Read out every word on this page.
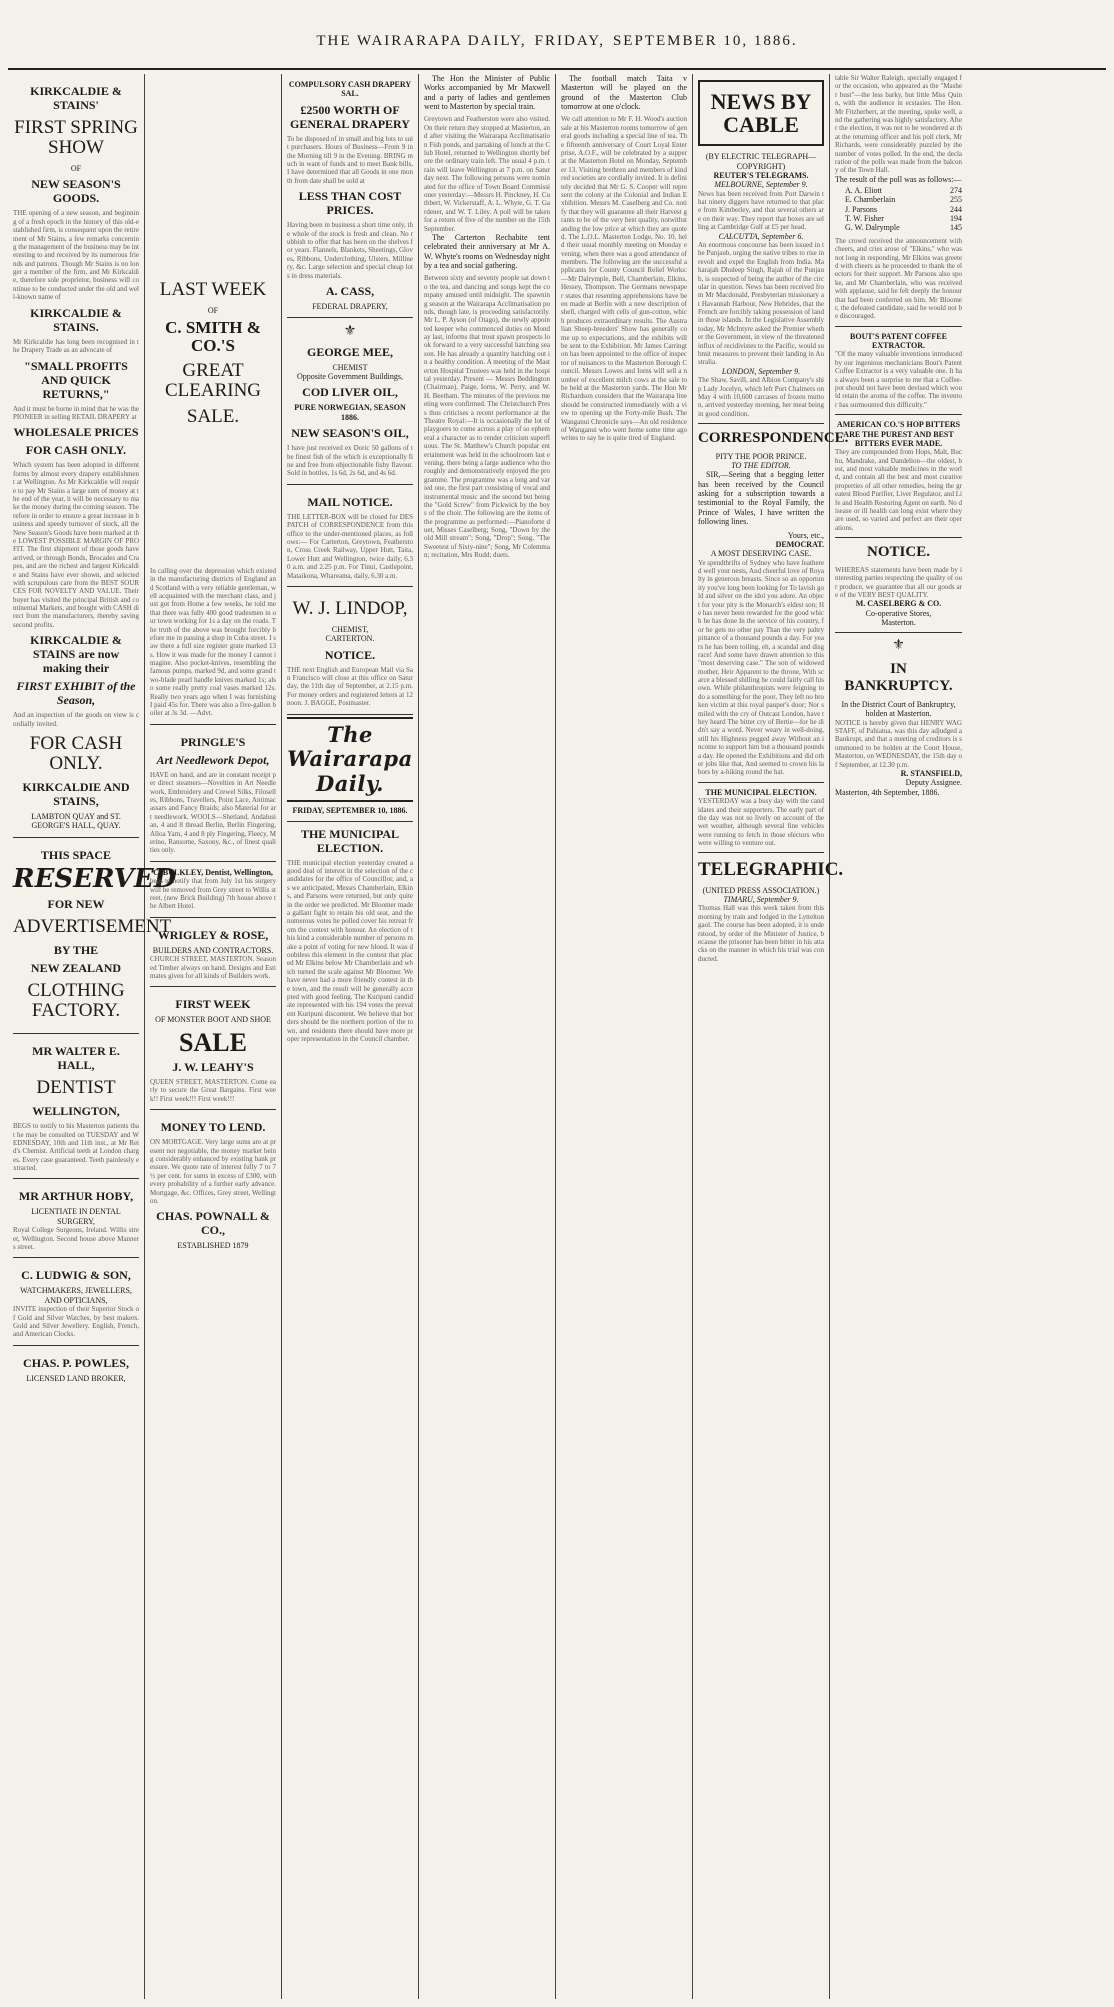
THE WAIRARAPA DAILY, FRIDAY, SEPTEMBER 10, 1886.
KIRKCALDIE & STAINS'
FIRST SPRING SHOW
OF
NEW SEASON'S GOODS.
THE opening of a new season, and beginning of a fresh epoch in the history of this old-established firm, is consequent upon the retirement of Mr Stains, a few remarks concerning the management of the business may be interesting to and received by its numerous friends and patrons. Though Mr Stains is no longer a member of the firm, and Mr Kirkcaldie, therefore sole proprietor, business will continue to be conducted under the old and well-known name of
KIRKCALDIE & STAINS.
Mr Kirkcaldie has long been recognised in the Drapery Trade as an advocate of
"SMALL PROFITS AND QUICK RETURNS,"
And it must be borne in mind that he was the PIONEER in selling RETAIL DRAPERY at
WHOLESALE PRICES
FOR CASH ONLY.
Which system has been adopted in different forms by almost every drapery establishment at Wellington. As Mr Kirkcaldie will require to pay Mr Stains a large sum of money at the end of the year, it will be necessary to make the money during the coming season. Therefore in order to ensure a great increase in business and speedy turnover of stock, all the New Season's Goods have been marked at the LOWEST POSSIBLE MARGIN OF PROFIT. The first shipment of those goods have arrived, or through Bonds, Brocades and Crapes, and are the richest and largest Kirkcaldie and Stains have ever shown, and selected with scrupulous care from the BEST SOURCES FOR NOVELTY AND VALUE. Their buyer has visited the principal British and continental Markets, and bought with CASH direct from the manufacturers, thereby saving second profits.
KIRKCALDIE & STAINS are now making their
FIRST EXHIBIT of the Season,
And an inspection of the goods on view is cordially invited.
FOR CASH ONLY.
KIRKCALDIE AND STAINS,
LAMBTON QUAY and ST. GEORGE'S HALL, QUAY.
THIS SPACE
RESERVED
FOR NEW
ADVERTISEMENT
BY THE
NEW ZEALAND
CLOTHING FACTORY.
MR WALTER E. HALL,
DENTIST
WELLINGTON,
BEGS to notify to his Masterton patients that he may be consulted on TUESDAY and WEDNESDAY, 10th and 11th inst., at Mr Reid's Chemist. Artificial teeth at London charges. Every case guaranteed. Teeth painlessly extracted.
MR ARTHUR HOBY,
LICENTIATE IN DENTAL SURGERY,
Royal College Surgeons, Ireland. Willis street, Wellington. Second house above Manners street.
C. LUDWIG & SON,
WATCHMAKERS, JEWELLERS, AND OPTICIANS,
INVITE inspection of their Superior Stock of Gold and Silver Watches, by best makers. Gold and Silver Jewellery. English, French, and American Clocks.
CHAS. P. POWLES,
LICENSED LAND BROKER,
LAST WEEK
OF
C. SMITH & CO.'S
GREAT CLEARING
SALE.
In calling over the depression which existed in the manufacturing districts of England and Scotland with a very reliable gentleman, well acquainted with the merchant class, and just got from Home a few weeks, he told me that there was fully 400 good tradesmen in our town working for 1s a day on the roads. The truth of the above was brought forcibly before me in passing a shop in Cuba street. I saw there a full size register grate marked 13s. How it was made for the money I cannot imagine. Also pocket-knives, resembling the famous pumps, marked 9d, and some grand two-blade pearl handle knives marked 1s; also some really pretty coal vases marked 12s. Really two years ago when I was furnishing I paid 45s for. There was also a five-gallon boiler at 3s 3d. —Advt.
PRINGLE'S
Art Needlework Depot,
HAVE on hand, and are in constant receipt per direct steamers—Novelties in Art Needlework, Embroidery and Crewel Silks, Filoselles, Ribbons, Travellers, Point Lace, Antimacassars and Fancy Braids; also Material for art needlework. WOOLS—Shetland, Andalusian, 4 and 8 thread Berlin, Berlin Fingering, Alloa Yarn, 4 and 8 ply Fingering, Fleecy, Merino, Ransome, Saxony, &c., of finest qualities only.
C. BULKLEY, Dentist, Wellington,
begs to notify that from July 1st his surgery will be removed from Grey street to Willis street, (new Brick Building) 7th house above the Albert Hotel.
WRIGLEY & ROSE,
BUILDERS AND CONTRACTORS.
CHURCH STREET, MASTERTON. Seasoned Timber always on hand. Designs and Estimates given for all kinds of Builders work.
FIRST WEEK
OF MONSTER BOOT AND SHOE
SALE
J. W. LEAHY'S
QUEEN STREET, MASTERTON. Come early to secure the Great Bargains. First week!! First week!!! First week!!!
MONEY TO LEND.
ON MORTGAGE. Very large sums are at present not negotiable, the money market being considerably enhanced by existing bank pressure. We quote rate of interest fully 7 to 7½ per cent. for sums in excess of £300, with every probability of a further early advance. Mortgage, &c. Offices, Grey street, Wellington.
CHAS. POWNALL & CO.,
ESTABLISHED 1879
COMPULSORY CASH DRAPERY SAL.
£2500 WORTH OF GENERAL DRAPERY
To be disposed of in small and big lots to suit purchasers. Hours of Business—From 9 in the Morning till 9 in the Evening. BRING much in want of funds and to meet Bank bills, I have determined that all Goods in one month from date shall be sold at
LESS THAN COST PRICES.
Having been in business a short time only, the whole of the stock is fresh and clean. No rubbish to offer that has been on the shelves for years. Flannels, Blankets, Sheetings, Gloves, Ribbons, Underclothing, Ulsters, Millinery, &c. Large selection and special cheap lots in dress materials.
A. CASS,
FEDERAL DRAPERY,
⚜
GEORGE MEE,
CHEMIST
Opposite Government Buildings,
COD LIVER OIL,
PURE NORWEGIAN, SEASON 1886.
NEW SEASON'S OIL,
I have just received ex Doric 50 gallons of the finest fish of the which is exceptionally fine and free from objectionable fishy flavour. Sold in bottles, 1s 6d, 2s 6d, and 4s 6d.
MAIL NOTICE.
THE LETTER-BOX will be closed for DESPATCH of CORRESPONDENCE from this office to the under-mentioned places, as follows:— For Carterton, Greytown, Featherston, Cross Creek Railway, Upper Hutt, Taita, Lower Hutt and Wellington, twice daily, 6.30 a.m. and 2.25 p.m. For Tinui, Castlepoint, Mataikona, Whareama, daily, 6.30 a.m.
W. J. LINDOP,
CHEMIST,
CARTERTON.
NOTICE.
THE next English and European Mail via San Francisco will close at this office on Saturday, the 11th day of September, at 2.15 p.m. For money orders and registered letters at 12 noon. J. BAGGE, Postmaster.
The Wairarapa Daily.
FRIDAY, SEPTEMBER 10, 1886.
THE MUNICIPAL ELECTION.
THE municipal election yesterday created a good deal of interest in the selection of the candidates for the office of Councillor, and, as we anticipated, Messrs Chamberlain, Elkins, and Parsons were returned, but only quite in the order we predicted. Mr Bloomer made a gallant fight to retain his old seat, and the numerous votes he polled cover his retreat from the contest with honour. An election of this kind a considerable number of persons make a point of voting for new blood. It was doubtless this element in the contest that placed Mr Elkins below Mr Chamberlain and which turned the scale against Mr Bloomer. We have never had a more friendly contest in the town, and the result will be generally accepted with good feeling. The Kuripuni candidate represented with his 194 votes the prevalent Kuripuni discontent. We believe that borders should be the northern portion of the town, and residents there should have more proper representation in the Council chamber.

The Hon the Minister of Public Works accompanied by Mr Maxwell and a party of ladies and gentlemen went to Masterton by special train.

Greytown and Featherston were also visited. On their return they stopped at Masterton, and after visiting the Wairarapa Acclimatisation Fish ponds, and partaking of lunch at the Club Hotel, returned to Wellington shortly before the ordinary train left. The usual 4 p.m. train will leave Wellington at 7 p.m. on Saturday next. The following persons were nominated for the office of Town Board Commissioner yesterday:—Messrs H. Pinckney, H. Cuthbert, W. Vickerstaff, A. L. Whyte, G. T. Gardener, and W. T. Liley. A poll will be taken for a return of five of the number on the 15th September.

The Carterton Rechabite tent celebrated their anniversary at Mr A. W. Whyte's rooms on Wednesday night by a tea and social gathering.

Between sixty and seventy people sat down to the tea, and dancing and songs kept the company amused until midnight. The spawning season at the Wairarapa Acclimatisation ponds, though late, is proceeding satisfactorily. Mr L. P. Ayson (of Otago), the newly appointed keeper who commenced duties on Monday last, informs that trout spawn prospects look forward to a very successful hatching season. He has already a quantity hatching out in a healthy condition. A meeting of the Masterton Hospital Trustees was held in the hospital yesterday. Present — Messrs Beddington (Chairman), Paige, Iorns, W. Perry, and W. H. Beetham. The minutes of the previous meeting were confirmed. The Christchurch Press thus criticises a recent performance at the Theatre Royal:—It is occasionally the lot of playgoers to come across a play of so ephemeral a character as to render criticism superfluous. The St. Matthew's Church popular entertainment was held in the schoolroom last evening, there being a large audience who thoroughly and demonstratively enjoyed the programme. The programme was a long and varied one, the first part consisting of vocal and instrumental music and the second but being the "Gold Screw" from Pickwick by the boys of the choir. The following are the items of the programme as performed:—Pianoforte duet, Misses Caselberg; Song, "Down by the old Mill stream"; Song, "Drop"; Song, "The Sweetest of Sixty-nine"; Song, Mr Colemman; recitation, Mrs Rudd; duets.

The football match Taita v Masterton will be played on the ground of the Masterton Club tomorrow at one o'clock.

We call attention to Mr F. H. Wood's auction sale at his Masterton rooms tomorrow of general goods including a special line of tea. The fifteenth anniversary of Court Loyal Enterprise, A.O.F., will be celebrated by a supper at the Masterton Hotel on Monday, September 13. Visiting brethren and members of kindred societies are cordially invited. It is definitely decided that Mr G. S. Cooper will represent the colony at the Colonial and Indian Exhibition. Messrs M. Caselberg and Co. notify that they will guarantee all their Harvest grants to be of the very best quality, notwithstanding the low price at which they are quoted. The L.O.L. Masterton Lodge, No. 10, held their usual monthly meeting on Monday evening, when there was a good attendance of members. The following are the successful applicants for County Council Relief Works:—Mr Dalrymple, Bell, Chamberlain, Elkins, Hessey, Thompson. The Germans newspaper states that resenting apprehensions have been made at Berlin with a new description of shell, charged with cells of gun-cotton, which produces extraordinary results. The Australian Sheep-breeders' Show has generally come up to expectations, and the exhibits will be sent to the Exhibition. Mr James Carrington has been appointed to the office of inspector of nuisances to the Masterton Borough Council. Messrs Lowes and Iorns will sell a number of excellent milch cows at the sale to be held at the Masterton yards. The Hon Mr Richardson considers that the Wairarapa line should be constructed immediately with a view to opening up the Forty-mile Bush. The Wanganui Chronicle says—An old residence of Wanganui who went home some time ago writes to say he is quite tired of England.
NEWS BY CABLE
(BY ELECTRIC TELEGRAPH—COPYRIGHT)
REUTER'S TELEGRAMS.
MELBOURNE, September 9.
News has been received from Port Darwin that ninety diggers have returned to that place from Kimberley, and that several others are on their way. They report that boxes are selling at Cambridge Gulf at £5 per head.
CALCUTTA, September 6.
An enormous concourse has been issued in the Punjaub, urging the native tribes to rise in revolt and expel the English from India. Maharajah Dhuleep Singh, Rajah of the Punjaub, is suspected of being the author of the circular in question. News has been received from Mr Macdonald, Presbyterian missionary at Havannah Harbour, New Hebrides, that the French are forcibly taking possession of land in those islands. In the Legislative Assembly today, Mr McIntyre asked the Premier whether the Government, in view of the threatened influx of recidivistes to the Pacific, would submit measures to prevent their landing in Australia.
LONDON, September 9.
The Shaw, Savill, and Albion Company's ship Lady Jocelyn, which left Port Chalmers on May 4 with 10,600 carcases of frozen mutton, arrived yesterday morning, her meat being in good condition.
CORRESPONDENCE.
PITY THE POOR PRINCE.
TO THE EDITOR.

SIR,—Seeing that a begging letter has been received by the Council asking for a subscription towards a testimonial to the Royal Family, the Prince of Wales, I have written the following lines.

Yours, etc.,
DEMOCRAT.
A MOST DESERVING CASE.
Ye spendthrifts of Sydney who have feathered well your nests, And cheerful love of Royalty in generous breasts. Since so an opportunity you've long been looking for To lavish gold and silver on the idol you adore. An object for your pity is the Monarch's eldest son; He has never been rewarded for the good which he has done In the service of his country, for he gets no other pay Than the very paltry pittance of a thousand pounds a day. For years he has been toiling, eh, a scandal and disgrace! And some have drawn attention to this "most deserving case." The son of widowed mother, Heir Apparent to the throne, With scarce a blessed shilling he could fairly call his own. While philanthropists were feigning to do a something for the poor, They left no broken victim at this royal pauper's door; Nor smiled with the cry of Outcast London, have they heard The bitter cry of Bertie—for he didn't say a word. Never weary in well-doing, still his Highness pegged away Without an income to support him but a thousand pounds a day. He opened the Exhibitions and did other jobs like that, And seemed to crown his labors by a-hiking round the hat.
THE MUNICIPAL ELECTION.
YESTERDAY was a busy day with the candidates and their supporters. The early part of the day was not so lively on account of the wet weather, although several fine vehicles were running to fetch in those electors who were willing to venture out.
TELEGRAPHIC.
(UNITED PRESS ASSOCIATION.)
TIMARU, September 9.
Thomas Hall was this week taken from this morning by train and lodged in the Lyttelton gaol. The course has been adopted, it is understood, by order of the Minister of Justice, because the prisoner has been bitter in his attacks on the manner in which his trial was conducted.
table Sir Walter Raleigh, specially engaged for the occasion, who appeared as the "Masher bust"—the less barky, but little Miss Quinn, with the audience in ecstasies. The Hon. Mr Fitzherbert, at the meeting, spoke well, and the gathering was highly satisfactory. After the election, it was not to be wondered at that the returning officer and his poll clerk, Mr Richards, were considerably puzzled by the number of votes polled. In the end, the declaration of the polls was made from the balcony of the Town Hall.
The result of the poll was as follows:—
A. A. Eliott	274
E. Chamberlain	255
J. Parsons	244
T. W. Fisher	194
G. W. Dalrymple	145
The crowd received the announcement with cheers, and cries arose of "Elkins," who was not long in responding. Mr Elkins was greeted with cheers as he proceeded to thank the electors for their support. Mr Parsons also spoke, and Mr Chamberlain, who was received with applause, said he felt deeply the honour that had been conferred on him. Mr Bloomer, the defeated candidate, said he would not be discouraged.
BOUT'S PATENT COFFEE EXTRACTOR.
"Of the many valuable inventions introduced by our ingenious mechanicians Bout's Patent Coffee Extractor is a very valuable one. It has always been a surprise to me that a Coffee-pot should not have been devised which would retain the aroma of the coffee. The inventor has surmounted this difficulty."
AMERICAN CO.'S HOP BITTERS ARE THE PUREST AND BEST BITTERS EVER MADE.
They are compounded from Hops, Malt, Buchu, Mandrake, and Dandelion—the oldest, best, and most valuable medicines in the world, and contain all the best and most curative properties of all other remedies, being the greatest Blood Purifier, Liver Regulator, and Life and Health Restoring Agent on earth. No disease or ill health can long exist where they are used, so varied and perfect are their operations.
NOTICE.
WHEREAS statements have been made by interesting parties respecting the quality of our produce, we guarantee that all our goods are of the VERY BEST QUALITY.
M. CASELBERG & CO.
Co-operative Stores,
Masterton.
⚜
IN BANKRUPTCY.
In the District Court of Bankruptcy, holden at Masterton.
NOTICE is hereby given that HENRY WAGSTAFF, of Pahiatua, was this day adjudged a Bankrupt, and that a meeting of creditors is summoned to be holden at the Court House, Masterton, on WEDNESDAY, the 15th day of September, at 12.30 p.m.
R. STANSFIELD,
Deputy Assignee.
Masterton, 4th September, 1886.
